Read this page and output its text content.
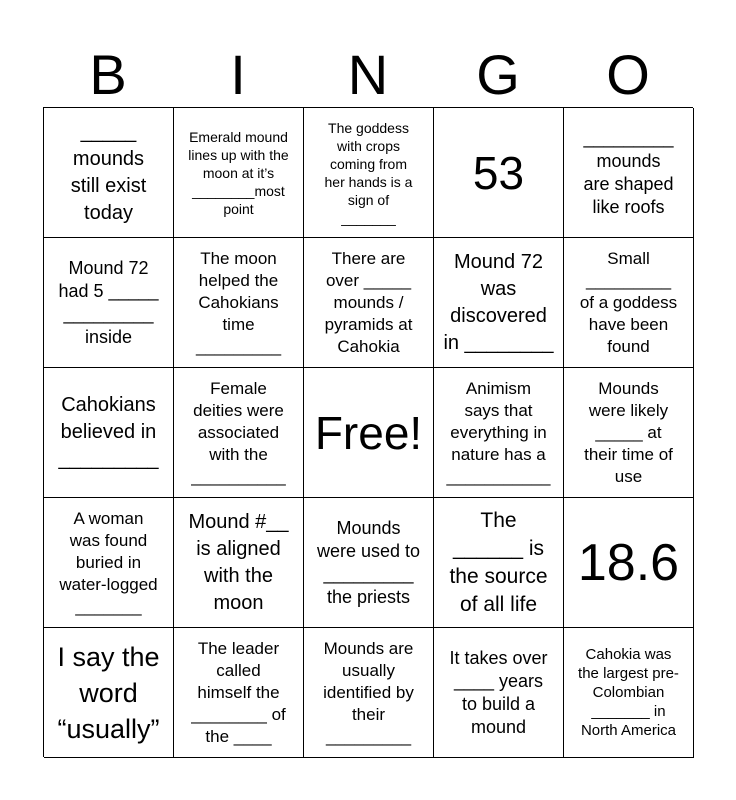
B	I	N	G	O
_____
mounds
still exist
today
Emerald mound
lines up with the
moon at it’s
________most
point
The goddess
with crops
coming from
her hands is a
sign of
_______
53
_________
mounds
are shaped
like roofs
Mound 72
had 5 _____
_________
inside
The moon
helped the
Cahokians
time
_________
There are
over _____
mounds /
pyramids at
Cahokia
Mound 72
was
discovered
in ________
Small
_________
of a goddess
have been
found
Cahokians
believed in
_________
Female
deities were
associated
with the
__________
Free!
Animism
says that
everything in
nature has a
___________
Mounds
were likely
_____ at
their time of
use
A woman
was found
buried in
water-logged
_______
Mound #__
is aligned
with the
moon
Mounds
were used to
_________
the priests
The
______ is
the source
of all life
18.6
I say the
word
“usually”
The leader
called
himself the
________ of
the ____
Mounds are
usually
identified by
their
_________
It takes over
____ years
to build a
mound
Cahokia was
the largest pre-
Colombian
_______ in
North America
